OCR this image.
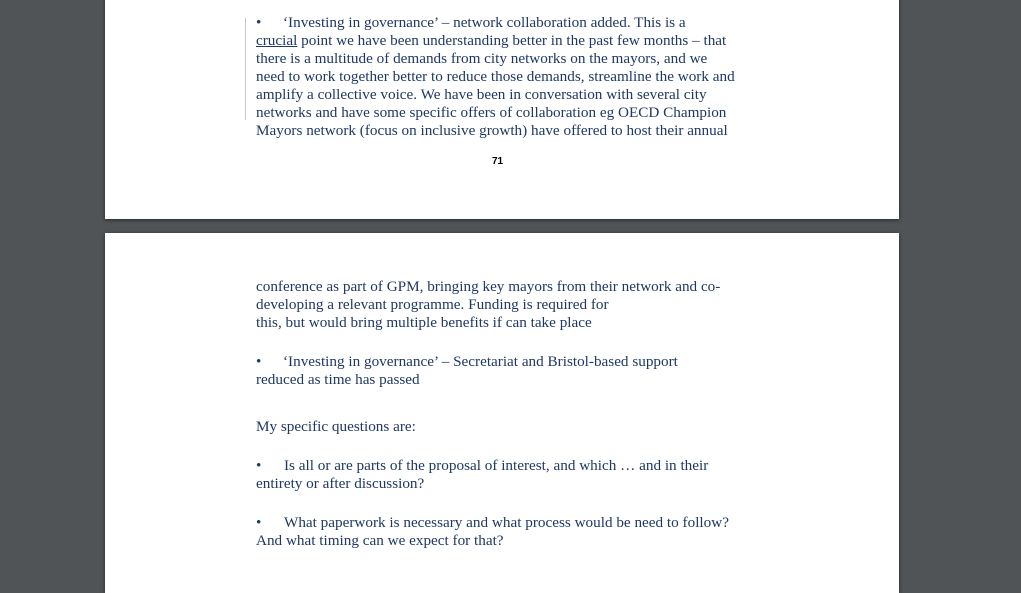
• ‘Investing in governance’ – network collaboration added. This is a
crucial point we have been understanding better in the past few months – that
there is a multitude of demands from city networks on the mayors, and we
need to work together better to reduce those demands, streamline the work and
amplify a collective voice. We have been in conversation with several city
networks and have some specific offers of collaboration eg OECD Champion
Mayors network (focus on inclusive growth) have offered to host their annual
71
conference as part of GPM, bringing key mayors from their network and co-
developing a relevant programme. Funding is required for
this, but would bring multiple benefits if can take place
• ‘Investing in governance’ – Secretariat and Bristol-based support
reduced as time has passed
My specific questions are:
• Is all or are parts of the proposal of interest, and which … and in their
entirety or after discussion?
• What paperwork is necessary and what process would be need to follow?
And what timing can we expect for that?
